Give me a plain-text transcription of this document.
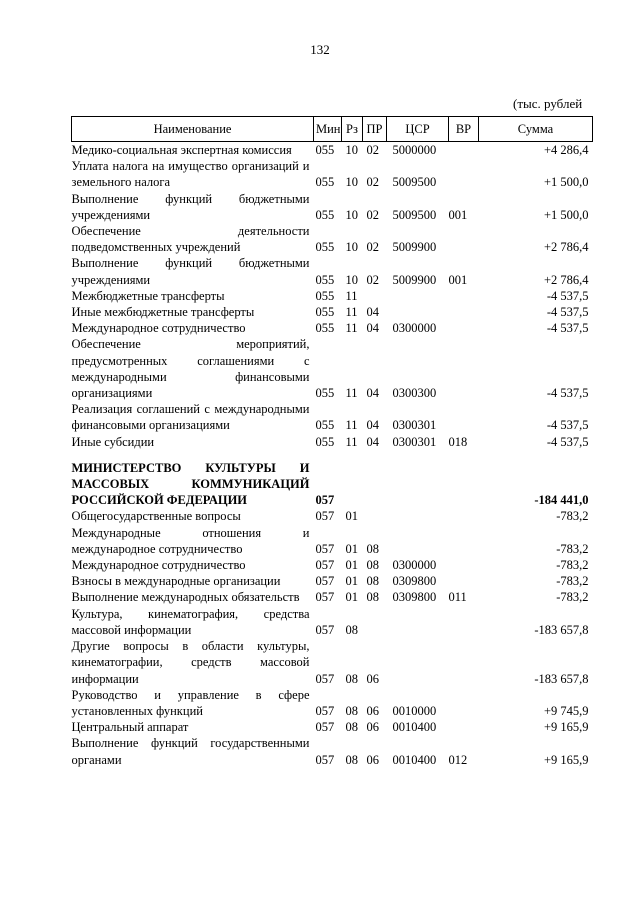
132
(тыс. рублей
Наименование	Мин	Рз	ПР	ЦСР	ВР	Сумма
Медико-социальная экспертная комиссия	055	10	02	5000000		+4 286,4
Уплата налога на имущество организаций и земельного налога	055	10	02	5009500		+1 500,0
Выполнение функций бюджетными учреждениями	055	10	02	5009500	001	+1 500,0
Обеспечение деятельности подведомственных учреждений	055	10	02	5009900		+2 786,4
Выполнение функций бюджетными учреждениями	055	10	02	5009900	001	+2 786,4
Межбюджетные трансферты	055	11				-4 537,5
Иные межбюджетные трансферты	055	11	04			-4 537,5
Международное сотрудничество	055	11	04	0300000		-4 537,5
Обеспечение мероприятий, предусмотренных соглашениями с международными финансовыми организациями	055	11	04	0300300		-4 537,5
Реализация соглашений с международными финансовыми организациями	055	11	04	0300301		-4 537,5
Иные субсидии	055	11	04	0300301	018	-4 537,5

МИНИСТЕРСТВО КУЛЬТУРЫ И МАССОВЫХ КОММУНИКАЦИЙ РОССИЙСКОЙ ФЕДЕРАЦИИ	057					-184 441,0
Общегосударственные вопросы	057	01				-783,2
Международные отношения и международное сотрудничество	057	01	08			-783,2
Международное сотрудничество	057	01	08	0300000		-783,2
Взносы в международные организации	057	01	08	0309800		-783,2
Выполнение международных обязательств	057	01	08	0309800	011	-783,2
Культура, кинематография, средства массовой информации	057	08				-183 657,8
Другие вопросы в области культуры, кинематографии, средств массовой информации	057	08	06			-183 657,8
Руководство и управление в сфере установленных функций	057	08	06	0010000		+9 745,9
Центральный аппарат	057	08	06	0010400		+9 165,9
Выполнение функций государственными органами	057	08	06	0010400	012	+9 165,9
